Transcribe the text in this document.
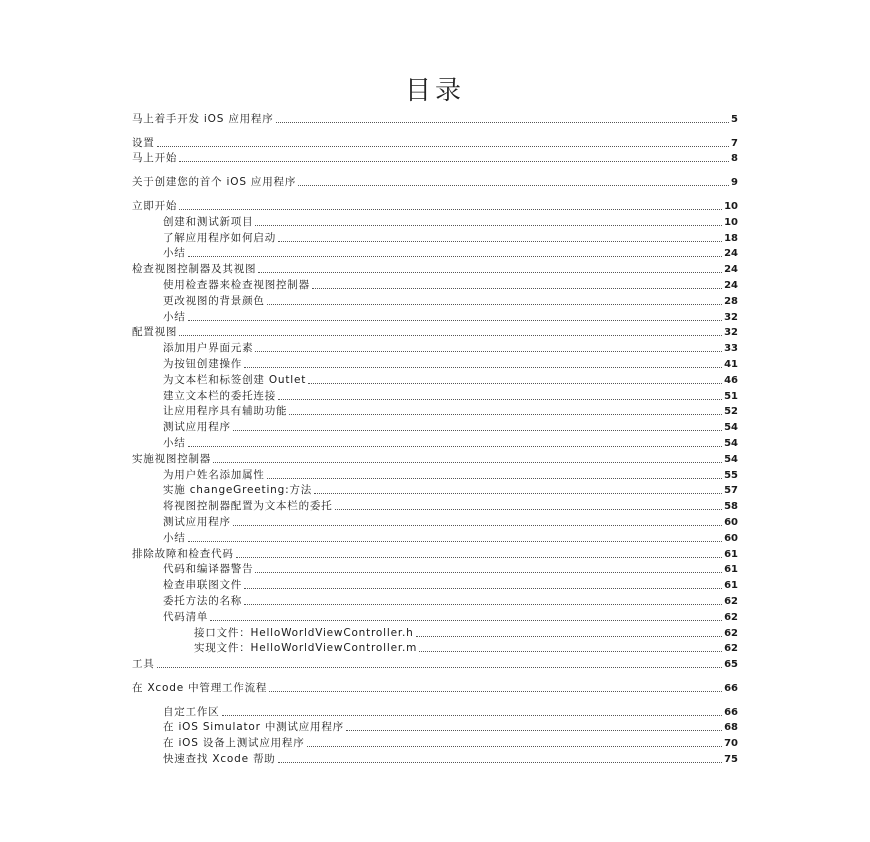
目录
马上着手开发 iOS 应用程序	5
设置	7
马上开始	8
关于创建您的首个 iOS 应用程序	9
立即开始	10
创建和测试新项目	10
了解应用程序如何启动	18
小结	24
检查视图控制器及其视图	24
使用检查器来检查视图控制器	24
更改视图的背景颜色	28
小结	32
配置视图	32
添加用户界面元素	33
为按钮创建操作	41
为文本栏和标签创建 Outlet	46
建立文本栏的委托连接	51
让应用程序具有辅助功能	52
测试应用程序	54
小结	54
实施视图控制器	54
为用户姓名添加属性	55
实施 changeGreeting:方法	57
将视图控制器配置为文本栏的委托	58
测试应用程序	60
小结	60
排除故障和检查代码	61
代码和编译器警告	61
检查串联图文件	61
委托方法的名称	62
代码清单	62
接口文件：HelloWorldViewController.h	62
实现文件：HelloWorldViewController.m	62
工具	65
在 Xcode 中管理工作流程	66
自定工作区	66
在 iOS Simulator 中测试应用程序	68
在 iOS 设备上测试应用程序	70
快速查找 Xcode 帮助	75
